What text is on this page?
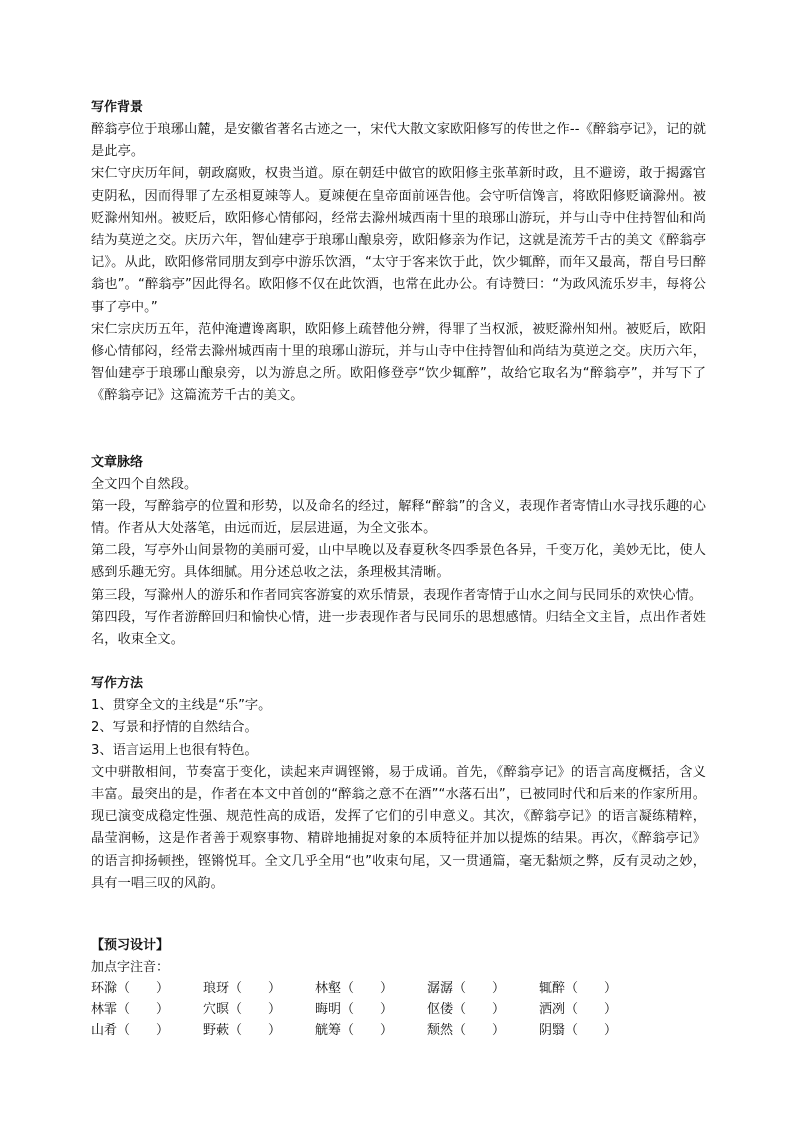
写作背景

醉翁亭位于琅琊山麓，是安徽省著名古迹之一，宋代大散文家欧阳修写的传世之作--《醉翁亭记》，记的就是此亭。

宋仁守庆历年间，朝政腐败，权贵当道。原在朝廷中做官的欧阳修主张革新时政，且不避谤，敢于揭露官吏阴私，因而得罪了左丞相夏竦等人。夏竦便在皇帝面前诬告他。会守听信馋言，将欧阳修贬谪滁州。被贬滁州知州。被贬后，欧阳修心情郁闷，经常去滁州城西南十里的琅琊山游玩，并与山寺中住持智仙和尚结为莫逆之交。庆历六年，智仙建亭于琅琊山酿泉旁，欧阳修亲为作记，这就是流芳千古的美文《醉翁亭记》。从此，欧阳修常同朋友到亭中游乐饮酒，“太守于客来饮于此，饮少辄醉，而年又最高，帮自号曰醉翁也”。“醉翁亭”因此得名。欧阳修不仅在此饮酒，也常在此办公。有诗赞曰：“为政风流乐岁丰，每将公事了亭中。”

宋仁宗庆历五年，范仲淹遭谗离职，欧阳修上疏替他分辨，得罪了当权派，被贬滁州知州。被贬后，欧阳修心情郁闷，经常去滁州城西南十里的琅琊山游玩，并与山寺中住持智仙和尚结为莫逆之交。庆历六年，智仙建亭于琅琊山酿泉旁，以为游息之所。欧阳修登亭“饮少辄醉”，故给它取名为“醉翁亭”，并写下了《醉翁亭记》这篇流芳千古的美文。

文章脉络

全文四个自然段。

第一段，写醉翁亭的位置和形势，以及命名的经过，解释“醉翁”的含义，表现作者寄情山水寻找乐趣的心情。作者从大处落笔，由远而近，层层进逼，为全文张本。

第二段，写亭外山间景物的美丽可爱，山中早晚以及春夏秋冬四季景色各异，千变万化，美妙无比，使人感到乐趣无穷。具体细腻。用分述总收之法，条理极其清晰。

第三段，写滁州人的游乐和作者同宾客游宴的欢乐情景，表现作者寄情于山水之间与民同乐的欢快心情。

第四段，写作者游醉回归和愉快心情，进一步表现作者与民同乐的思想感情。归结全文主旨，点出作者姓名，收束全文。

写作方法

1、贯穿全文的主线是“乐”字。

2、写景和抒情的自然结合。

3、语言运用上也很有特色。

文中骈散相间，节奏富于变化，读起来声调铿锵，易于成诵。首先，《醉翁亭记》的语言高度概括，含义丰富。最突出的是，作者在本文中首创的“醉翁之意不在酒”“水落石出”，已被同时代和后来的作家所用。现已演变成稳定性强、规范性高的成语，发挥了它们的引申意义。其次，《醉翁亭记》的语言凝练精粹，晶莹润畅，这是作者善于观察事物、精辟地捕捉对象的本质特征并加以提炼的结果。再次，《醉翁亭记》的语言抑扬顿挫，铿锵悦耳。全文几乎全用“也”收束句尾，又一贯通篇，毫无黏烦之弊，反有灵动之妙，具有一唱三叹的风韵。

【预习设计】
加点字注音：
环滁（　　）	琅玡（　　）	林壑（　　）	潺潺（　　）	辄醉（　　）
林霏（　　）	穴暝（　　）	晦明（　　）	伛偻（　　）	洒冽（　　）
山肴（　　）	野蔌（　　）	觥筹（　　）	颓然（　　）	阴翳（　　）
